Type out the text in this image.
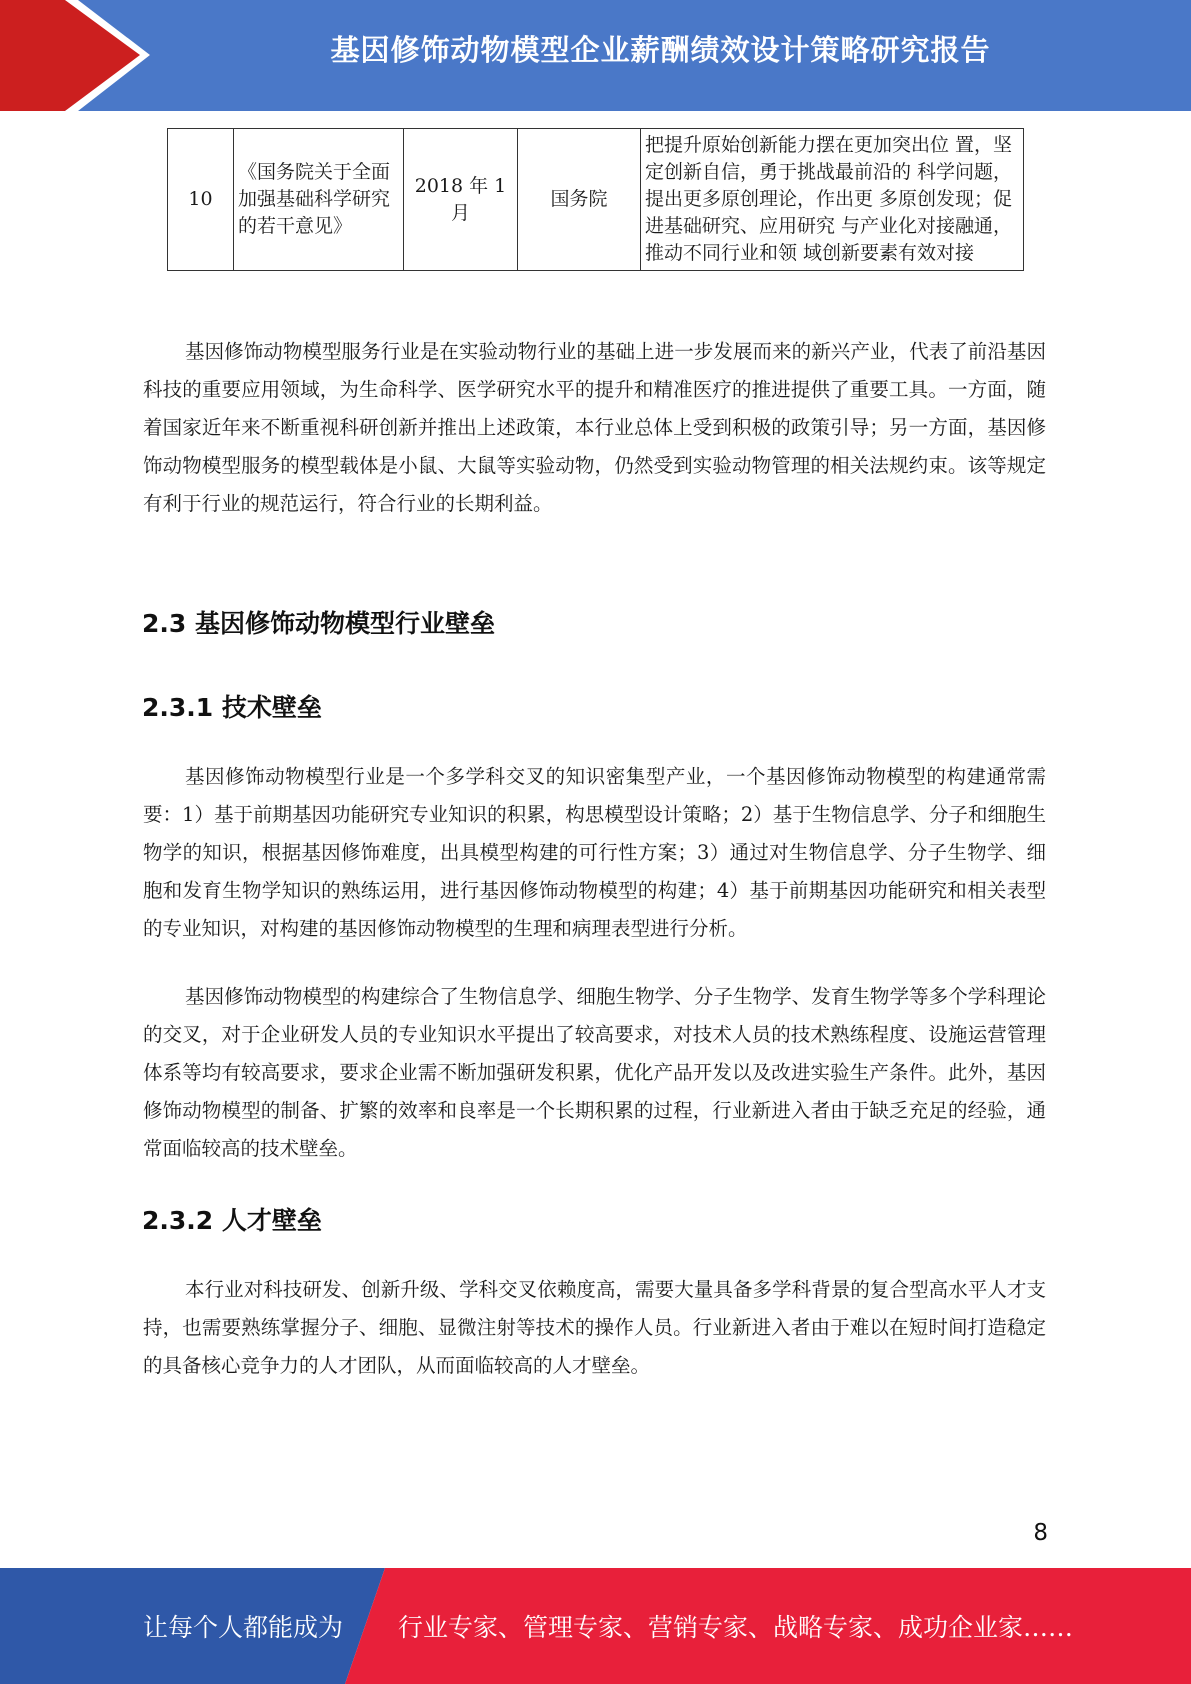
基因修饰动物模型企业薪酬绩效设计策略研究报告
10	《国务院关于全面加强基础科学研究的若干意见》	2018 年 1月	国务院	把提升原始创新能力摆在更加突出位 置，坚定创新自信，勇于挑战最前沿的 科学问题，提出更多原创理论，作出更 多原创发现；促进基础研究、应用研究 与产业化对接融通，推动不同行业和领 域创新要素有效对接

基因修饰动物模型服务行业是在实验动物行业的基础上进一步发展而来的新兴产业，代表了前沿基因科技的重要应用领域，为生命科学、医学研究水平的提升和精准医疗的推进提供了重要工具。一方面，随着国家近年来不断重视科研创新并推出上述政策，本行业总体上受到积极的政策引导；另一方面，基因修饰动物模型服务的模型载体是小鼠、大鼠等实验动物，仍然受到实验动物管理的相关法规约束。该等规定有利于行业的规范运行，符合行业的长期利益。

2.3 基因修饰动物模型行业壁垒
2.3.1 技术壁垒

基因修饰动物模型行业是一个多学科交叉的知识密集型产业，一个基因修饰动物模型的构建通常需要：1）基于前期基因功能研究专业知识的积累，构思模型设计策略；2）基于生物信息学、分子和细胞生物学的知识，根据基因修饰难度，出具模型构建的可行性方案；3）通过对生物信息学、分子生物学、细胞和发育生物学知识的熟练运用，进行基因修饰动物模型的构建；4）基于前期基因功能研究和相关表型的专业知识，对构建的基因修饰动物模型的生理和病理表型进行分析。

基因修饰动物模型的构建综合了生物信息学、细胞生物学、分子生物学、发育生物学等多个学科理论的交叉，对于企业研发人员的专业知识水平提出了较高要求，对技术人员的技术熟练程度、设施运营管理体系等均有较高要求，要求企业需不断加强研发积累，优化产品开发以及改进实验生产条件。此外，基因修饰动物模型的制备、扩繁的效率和良率是一个长期积累的过程，行业新进入者由于缺乏充足的经验，通常面临较高的技术壁垒。

2.3.2 人才壁垒

本行业对科技研发、创新升级、学科交叉依赖度高，需要大量具备多学科背景的复合型高水平人才支持，也需要熟练掌握分子、细胞、显微注射等技术的操作人员。行业新进入者由于难以在短时间打造稳定的具备核心竞争力的人才团队，从而面临较高的人才壁垒。

8
让每个人都能成为 行业专家、管理专家、营销专家、战略专家、成功企业家……
